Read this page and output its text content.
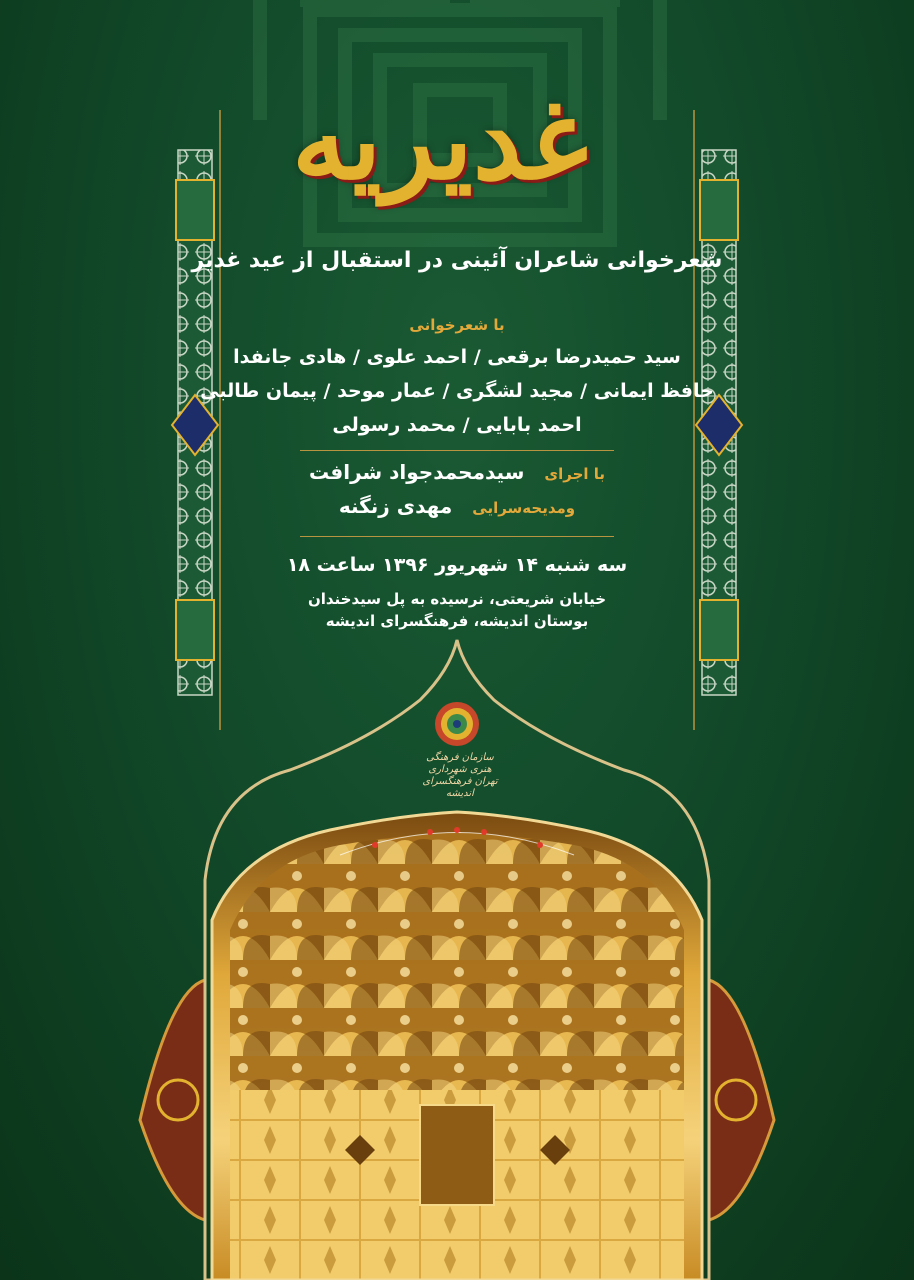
غدیریه
شعرخوانی شاعران آئینی در استقبال از عید غدیر
با شعرخوانی
سید حمیدرضا برقعی / احمد علوی / هادی جانفدا
حافظ ایمانی / مجید لشگری / عمار موحد / پیمان طالبی
احمد بابایی / محمد رسولی
با اجرای
سیدمحمدجواد شرافت
ومدیحه‌سرایی
مهدی زنگنه
سه شنبه ۱۴ شهریور ۱۳۹۶ ساعت ۱۸
خیابان شریعتی، نرسیده به پل سیدخندان
بوستان اندیشه، فرهنگسرای اندیشه
سازمان فرهنگی هنری شهرداری تهران فرهنگسرای اندیشه
